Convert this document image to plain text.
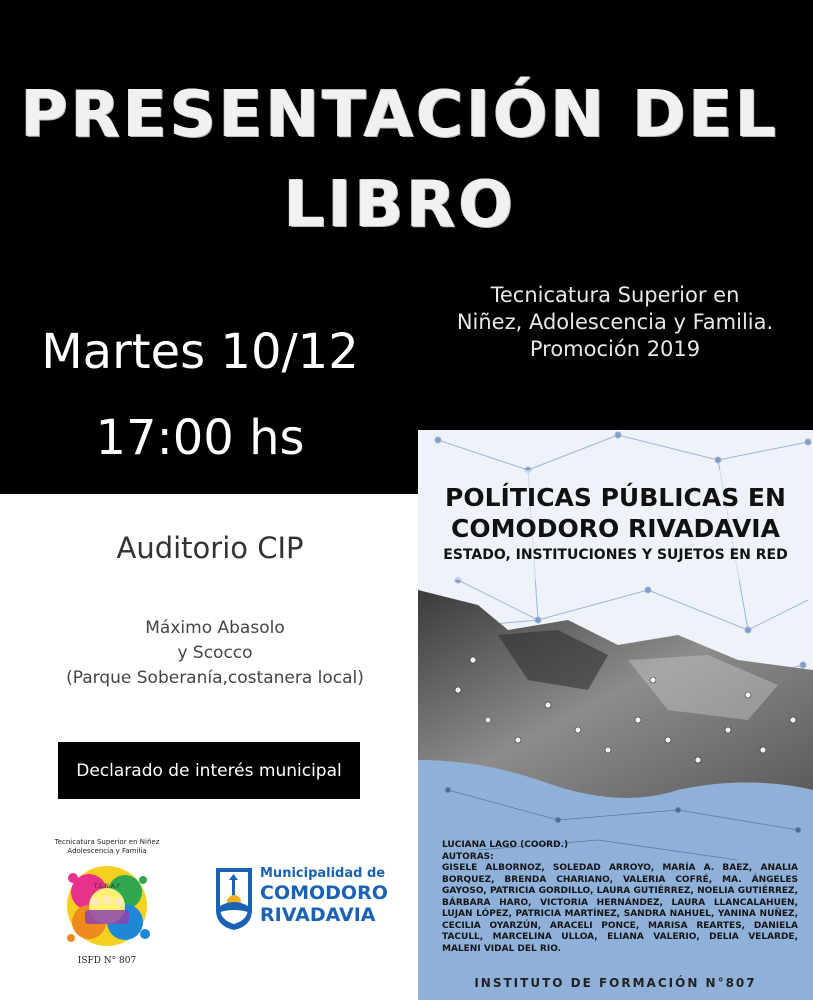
PRESENTACIÓN DEL LIBRO
Tecnicatura Superior en
Niñez, Adolescencia y Familia.
Promoción 2019
Martes 10/12
17:00 hs
Auditorio CIP
Máximo Abasolo
y Scocco
(Parque Soberanía,costanera local)
Declarado de interés municipal
Tecnicatura Superior en Niñez
Adolescencia y Familia
T.S.N.A.F
ISFD N° 807
Municipalidad de
COMODORO
RIVADAVIA
POLÍTICAS PÚBLICAS EN
COMODORO RIVADAVIA
ESTADO, INSTITUCIONES Y SUJETOS EN RED
LUCIANA LAGO (COORD.)
AUTORAS:
GISELE ALBORNOZ, SOLEDAD ARROYO, MARÍA A. BAEZ, ANALIA BORQUEZ, BRENDA CHARIANO, VALERIA COFRÉ, MA. ÁNGELES GAYOSO, PATRICIA GORDILLO, LAURA GUTIÉRREZ, NOELIA GUTIÉRREZ, BÁRBARA HARO, VICTORIA HERNÁNDEZ, LAURA LLANCALAHUEN, LUJAN LÓPEZ, PATRICIA MARTÍNEZ, SANDRA NAHUEL, YANINA NUÑEZ, CECILIA OYARZÚN, ARACELI PONCE, MARISA REARTES, DANIELA TACULL, MARCELINA ULLOA, ELIANA VALERIO, DELIA VELARDE, MALENI VIDAL DEL RIO.
INSTITUTO DE FORMACIÓN N°807
